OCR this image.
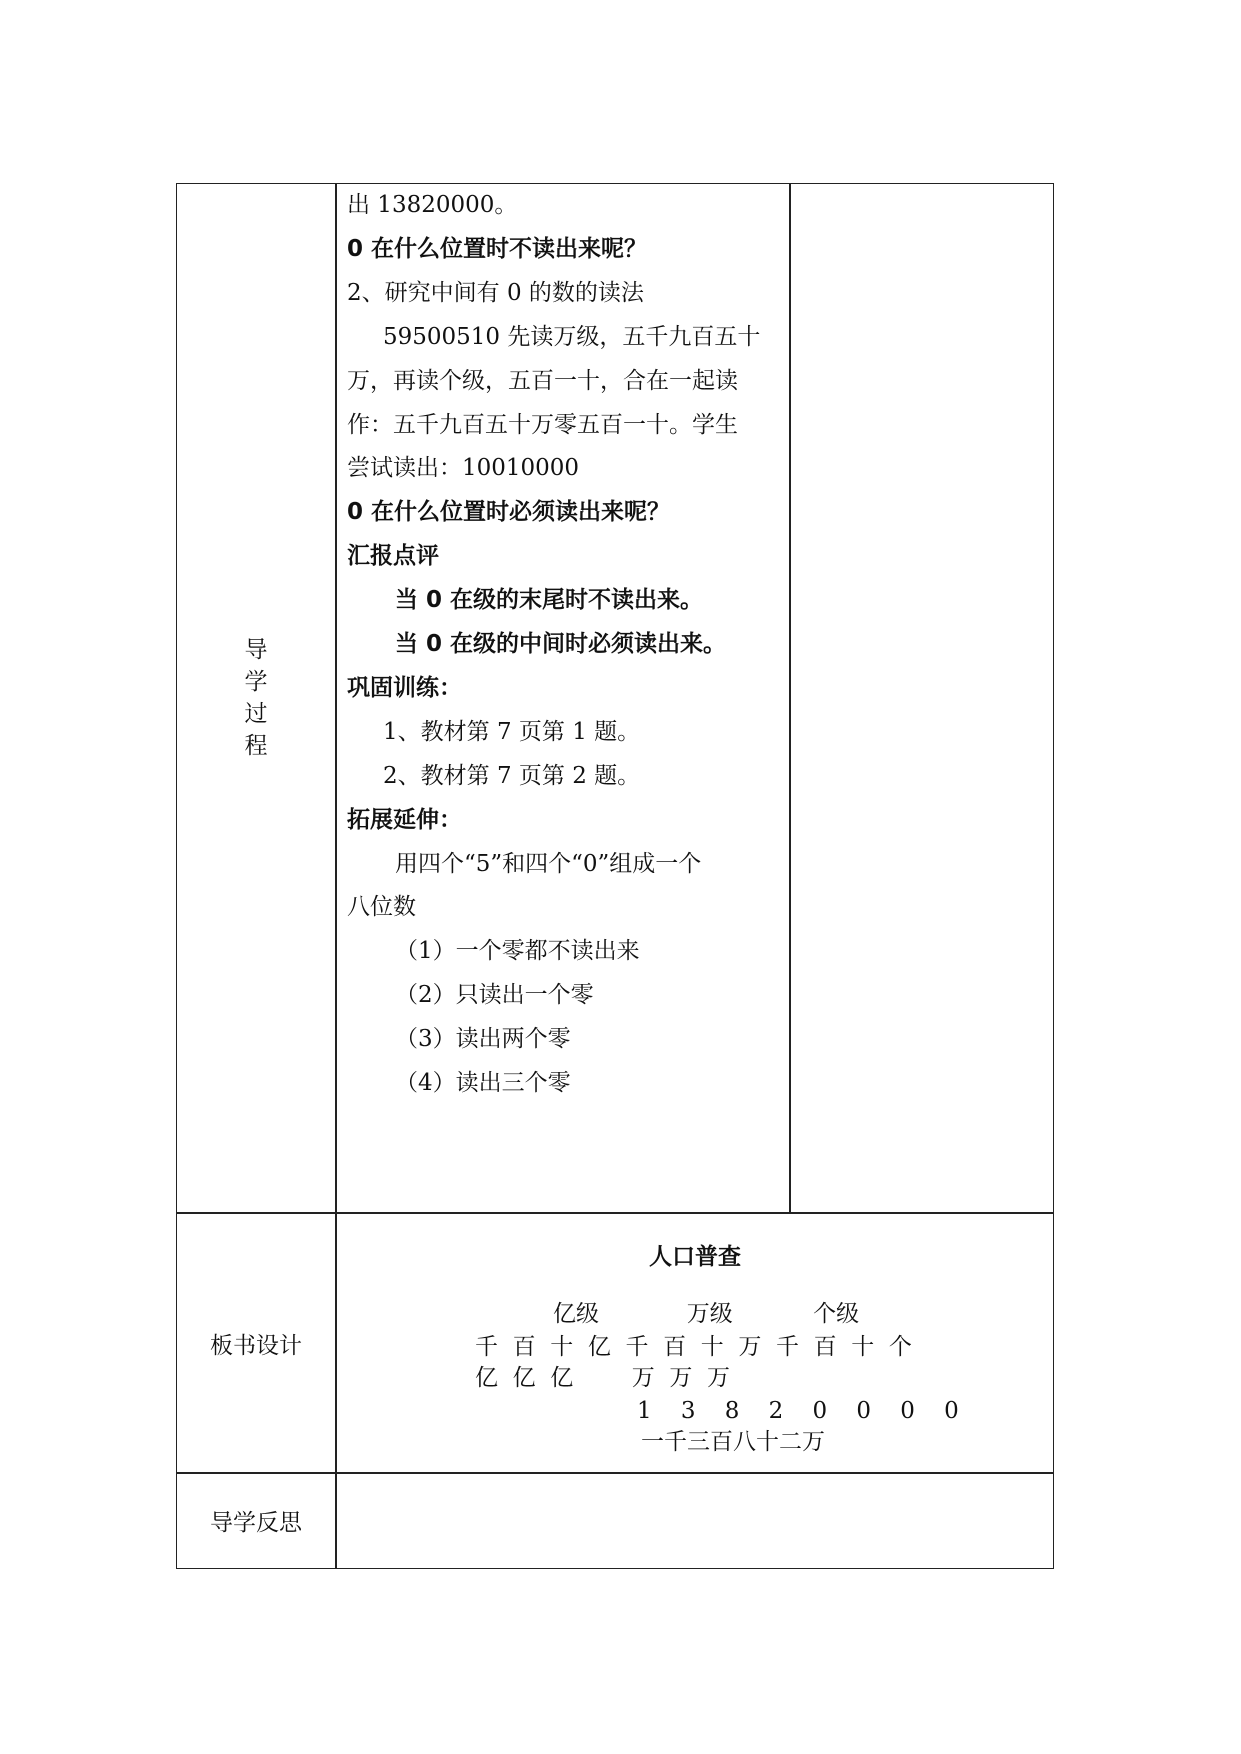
导
学
过
程
出 13820000。
0 在什么位置时不读出来呢？
2、研究中间有 0 的数的读法
59500510 先读万级，五千九百五十
万，再读个级，五百一十，合在一起读
作：五千九百五十万零五百一十。学生
尝试读出：10010000
0 在什么位置时必须读出来呢？
汇报点评
当 0 在级的末尾时不读出来。
当 0 在级的中间时必须读出来。
巩固训练：
1、教材第 7 页第 1 题。
2、教材第 7 页第 2 题。
拓展延伸：
用四个“5”和四个“0”组成一个
八位数
（1）一个零都不读出来
（2）只读出一个零
（3）读出两个零
（4）读出三个零
板书设计
人口普查
亿级            万级           个级
千  百  十  亿  千  百  十  万  千  百  十  个
亿  亿  亿        万  万  万
1    3    8    2    0    0    0    0
一千三百八十二万
导学反思
